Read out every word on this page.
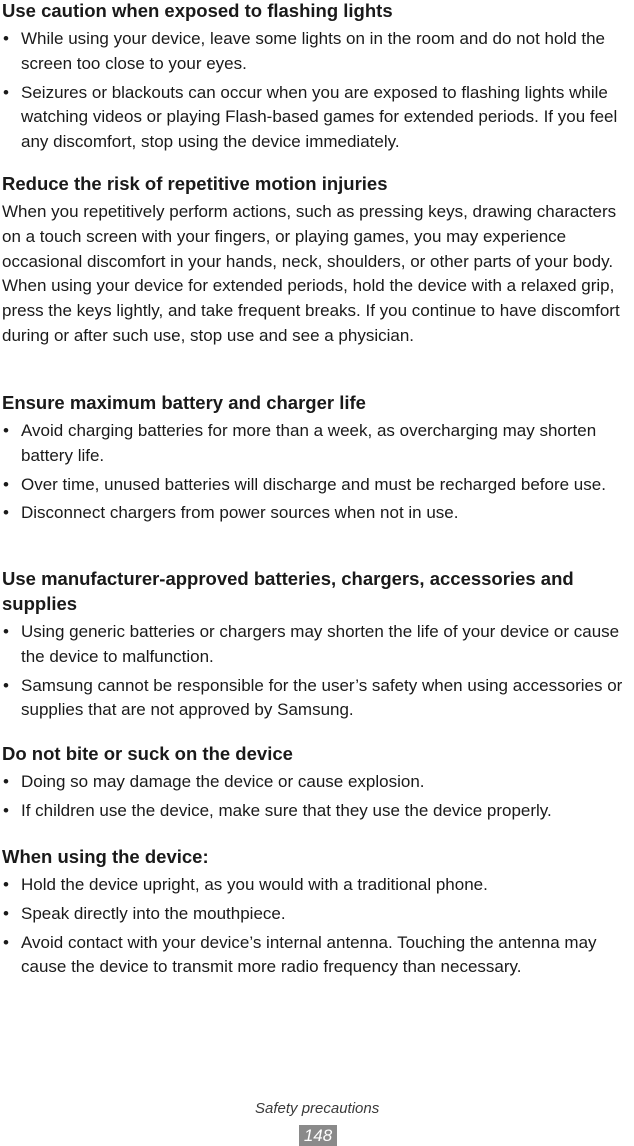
Use caution when exposed to flashing lights
• While using your device, leave some lights on in the room and do not hold the screen too close to your eyes.
• Seizures or blackouts can occur when you are exposed to flashing lights while watching videos or playing Flash-based games for extended periods. If you feel any discomfort, stop using the device immediately.
Reduce the risk of repetitive motion injuries

When you repetitively perform actions, such as pressing keys, drawing characters on a touch screen with your fingers, or playing games, you may experience occasional discomfort in your hands, neck, shoulders, or other parts of your body. When using your device for extended periods, hold the device with a relaxed grip, press the keys lightly, and take frequent breaks. If you continue to have discomfort during or after such use, stop use and see a physician.

Ensure maximum battery and charger life
• Avoid charging batteries for more than a week, as overcharging may shorten battery life.
• Over time, unused batteries will discharge and must be recharged before use.
• Disconnect chargers from power sources when not in use.
Use manufacturer-approved batteries, chargers, accessories and supplies
• Using generic batteries or chargers may shorten the life of your device or cause the device to malfunction.
• Samsung cannot be responsible for the user’s safety when using accessories or supplies that are not approved by Samsung.
Do not bite or suck on the device
• Doing so may damage the device or cause explosion.
• If children use the device, make sure that they use the device properly.
When using the device:
• Hold the device upright, as you would with a traditional phone.
• Speak directly into the mouthpiece.
• Avoid contact with your device’s internal antenna. Touching the antenna may cause the device to transmit more radio frequency than necessary.
Safety precautions
148
